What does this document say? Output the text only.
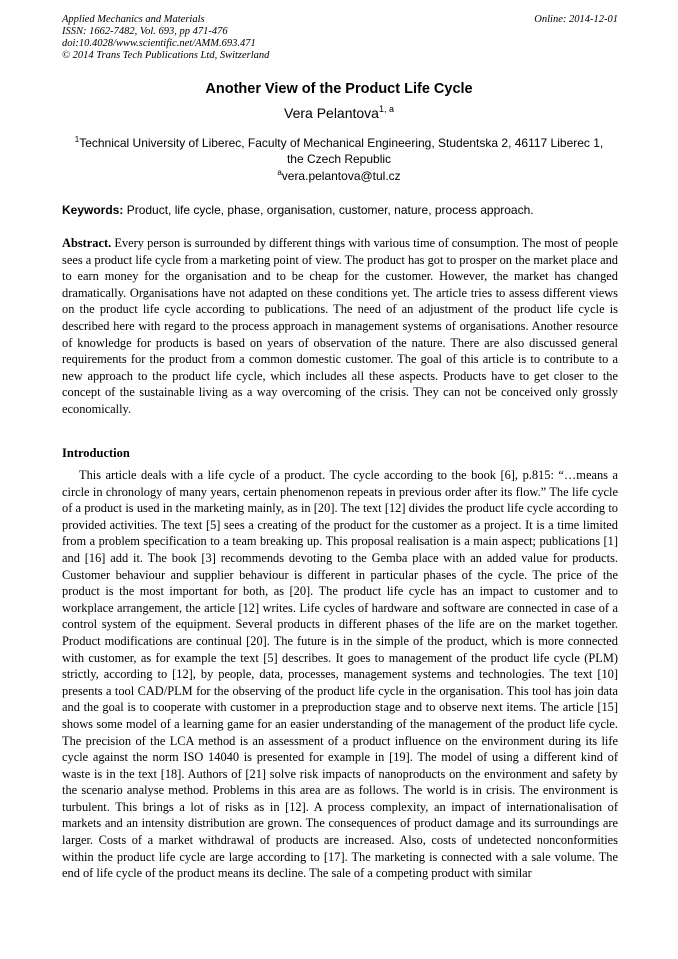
Applied Mechanics and Materials
ISSN: 1662-7482, Vol. 693, pp 471-476
doi:10.4028/www.scientific.net/AMM.693.471
© 2014 Trans Tech Publications Ltd, Switzerland
Online: 2014-12-01
Another View of the Product Life Cycle
Vera Pelantova$^{1, a}$
$^1$Technical University of Liberec, Faculty of Mechanical Engineering, Studentska 2, 46117 Liberec 1, the Czech Republic
$^a$vera.pelantova@tul.cz
Keywords: Product, life cycle, phase, organisation, customer, nature, process approach.
Abstract. Every person is surrounded by different things with various time of consumption. The most of people sees a product life cycle from a marketing point of view. The product has got to prosper on the market place and to earn money for the organisation and to be cheap for the customer. However, the market has changed dramatically. Organisations have not adapted on these conditions yet. The article tries to assess different views on the product life cycle according to publications. The need of an adjustment of the product life cycle is described here with regard to the process approach in management systems of organisations. Another resource of knowledge for products is based on years of observation of the nature. There are also discussed general requirements for the product from a common domestic customer. The goal of this article is to contribute to a new approach to the product life cycle, which includes all these aspects. Products have to get closer to the concept of the sustainable living as a way overcoming of the crisis. They can not be conceived only grossly economically.
Introduction

This article deals with a life cycle of a product. The cycle according to the book [6], p.815: “…means a circle in chronology of many years, certain phenomenon repeats in previous order after its flow.” The life cycle of a product is used in the marketing mainly, as in [20]. The text [12] divides the product life cycle according to provided activities. The text [5] sees a creating of the product for the customer as a project. It is a time limited from a problem specification to a team breaking up. This proposal realisation is a main aspect; publications [1] and [16] add it. The book [3] recommends devoting to the Gemba place with an added value for products. Customer behaviour and supplier behaviour is different in particular phases of the cycle. The price of the product is the most important for both, as [20]. The product life cycle has an impact to customer and to workplace arrangement, the article [12] writes. Life cycles of hardware and software are connected in case of a control system of the equipment. Several products in different phases of the life are on the market together. Product modifications are continual [20]. The future is in the simple of the product, which is more connected with customer, as for example the text [5] describes. It goes to management of the product life cycle (PLM) strictly, according to [12], by people, data, processes, management systems and technologies. The text [10] presents a tool CAD/PLM for the observing of the product life cycle in the organisation. This tool has join data and the goal is to cooperate with customer in a preproduction stage and to observe next items. The article [15] shows some model of a learning game for an easier understanding of the management of the product life cycle. The precision of the LCA method is an assessment of a product influence on the environment during its life cycle against the norm ISO 14040 is presented for example in [19]. The model of using a different kind of waste is in the text [18]. Authors of [21] solve risk impacts of nanoproducts on the environment and safety by the scenario analyse method. Problems in this area are as follows. The world is in crisis. The environment is turbulent. This brings a lot of risks as in [12]. A process complexity, an impact of internationalisation of markets and an intensity distribution are grown. The consequences of product damage and its surroundings are larger. Costs of a market withdrawal of products are increased. Also, costs of undetected nonconformities within the product life cycle are large according to [17]. The marketing is connected with a sale volume. The end of life cycle of the product means its decline. The sale of a competing product with similar
